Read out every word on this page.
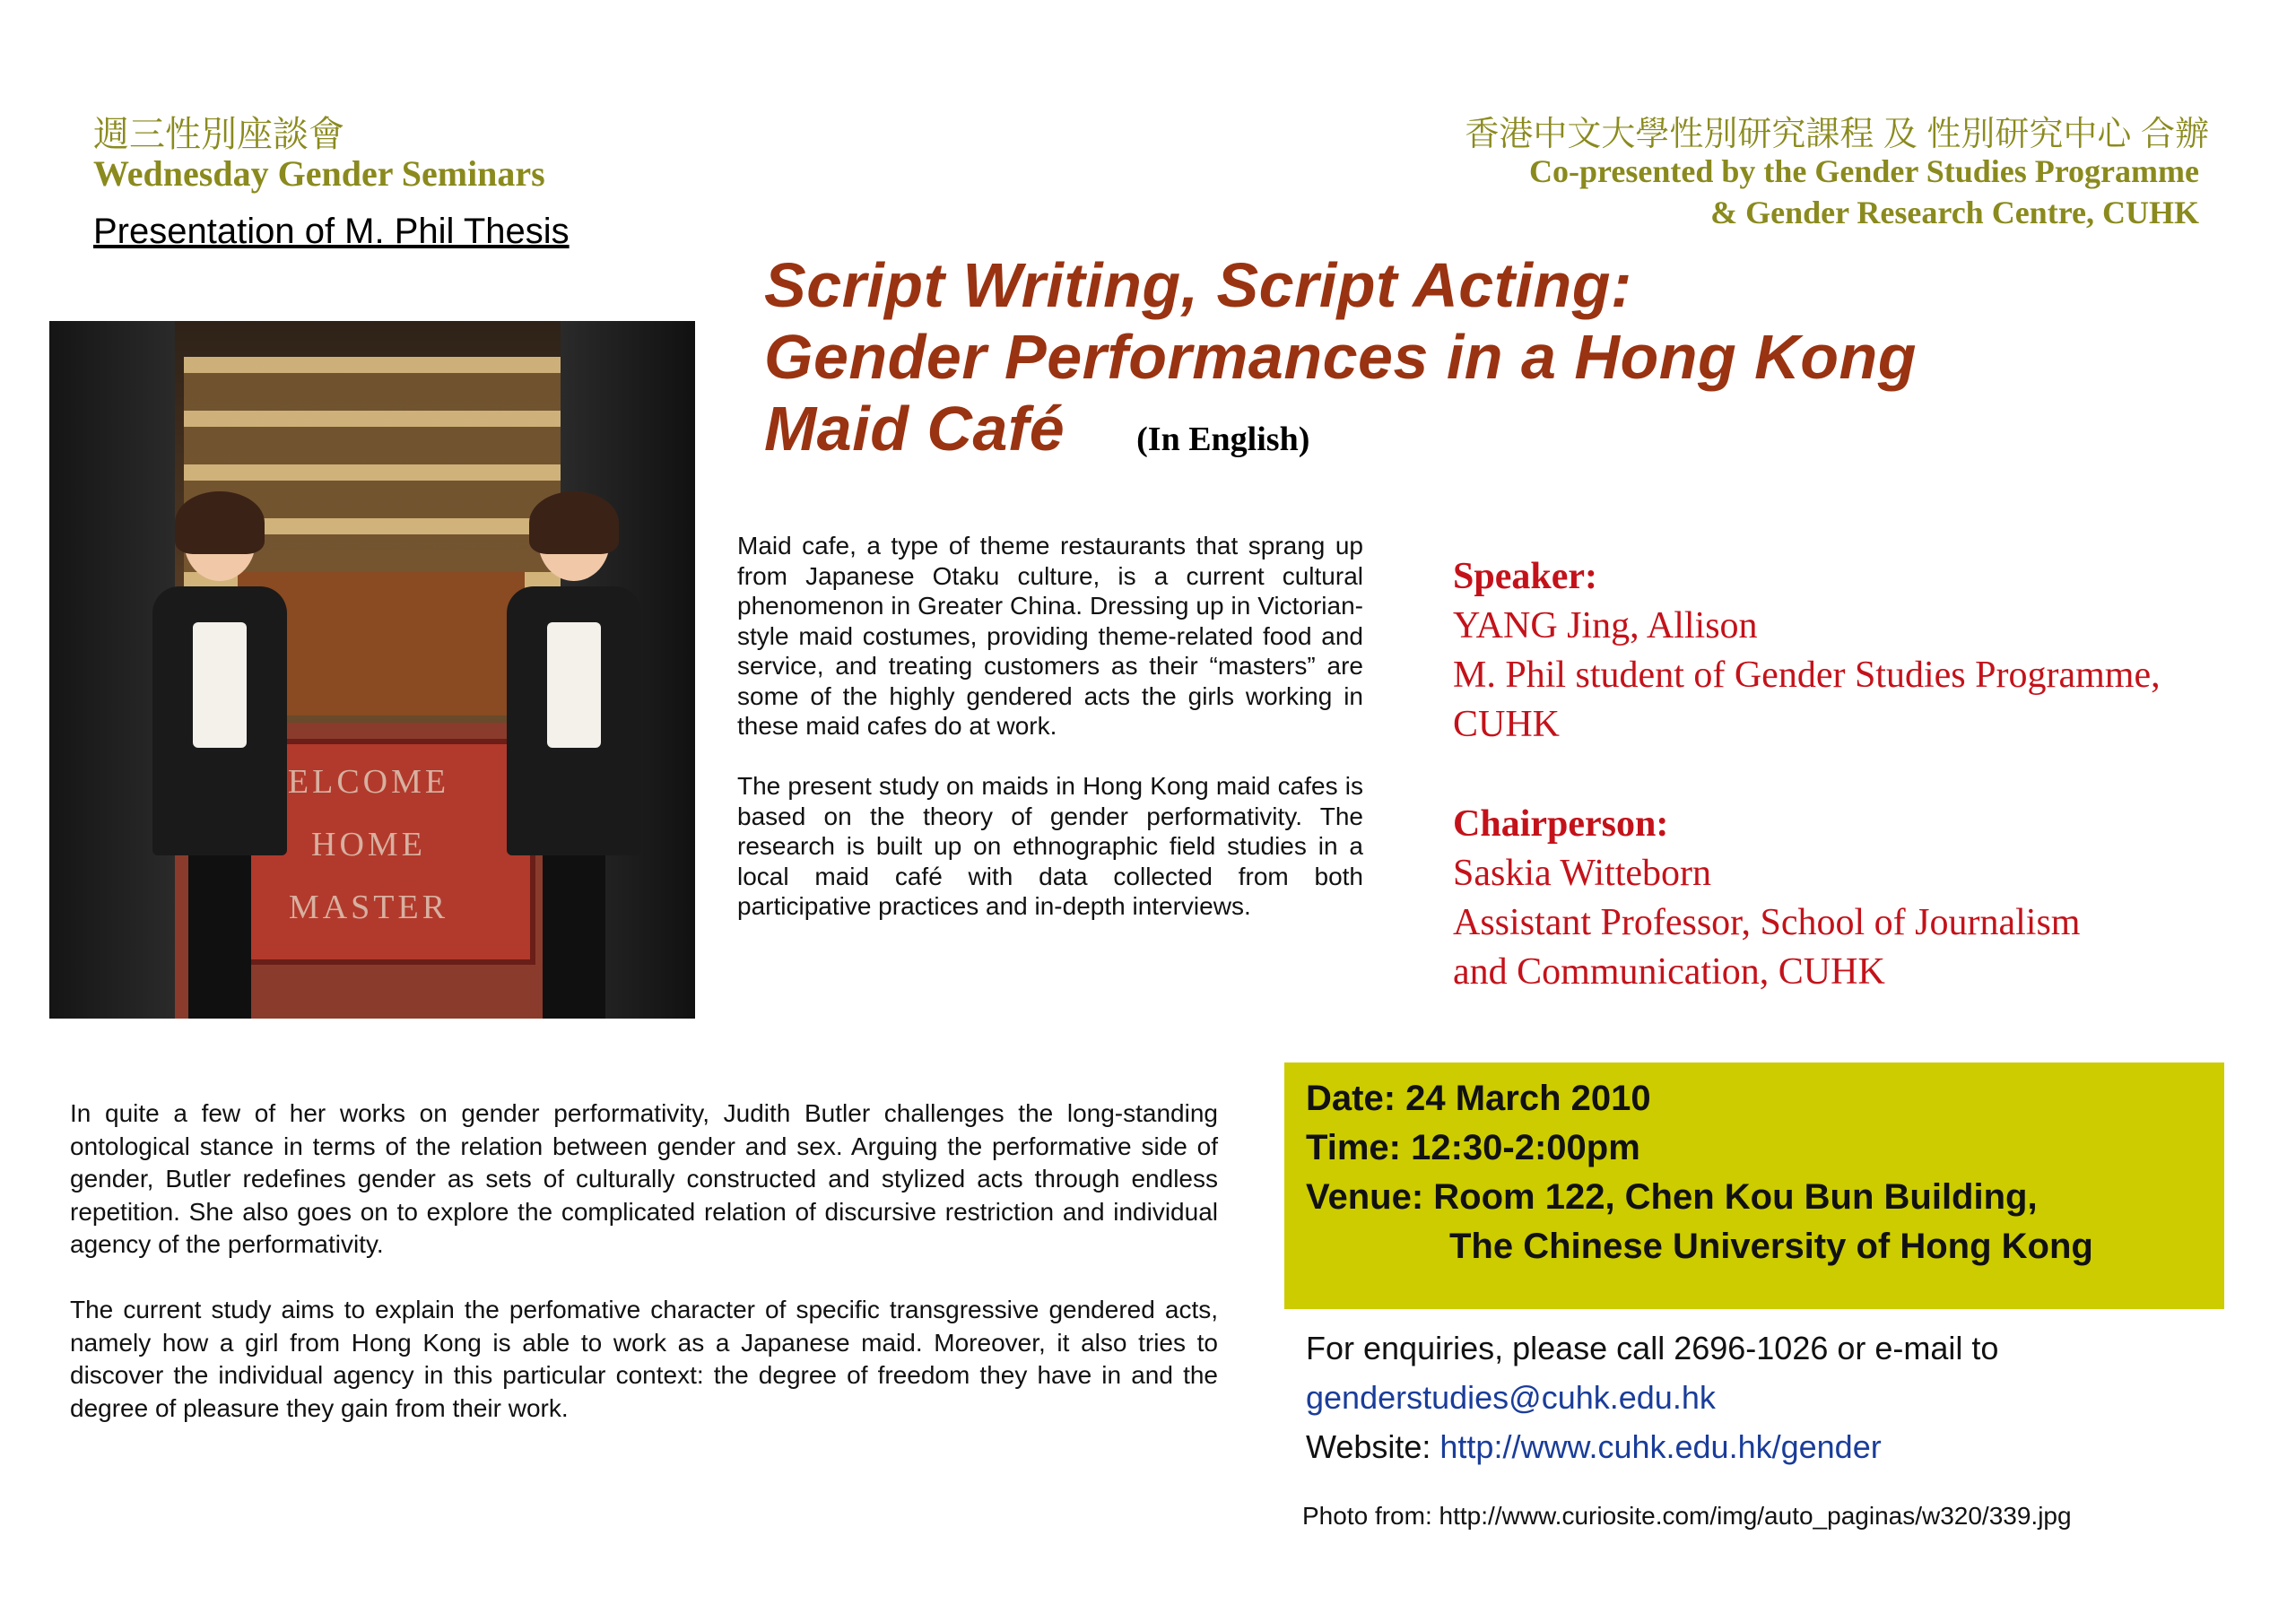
週三性別座談會
Wednesday Gender Seminars
Presentation of M. Phil Thesis
香港中文大學性別研究課程 及 性別研究中心 合辦
Co-presented by the Gender Studies Programme
& Gender Research Centre, CUHK
Script Writing, Script Acting:
Gender Performances in a Hong Kong
Maid Café (In English)
ELCOME
HOME
MASTER

Maid cafe, a type of theme restaurants that sprang up from Japanese Otaku culture, is a current cultural phenomenon in Greater China. Dressing up in Victorian-style maid costumes, providing theme-related food and service, and treating customers as their “masters” are some of the highly gendered acts the girls working in these maid cafes do at work.

The present study on maids in Hong Kong maid cafes is based on the theory of gender performativity. The research is built up on ethnographic field studies in a local maid café with data collected from both participative practices and in-depth interviews.

Speaker:
YANG Jing, Allison
M. Phil student of Gender Studies Programme,
CUHK
Chairperson:
Saskia Witteborn
Assistant Professor, School of Journalism
and Communication, CUHK

In quite a few of her works on gender performativity, Judith Butler challenges the long-standing ontological stance in terms of the relation between gender and sex. Arguing the performative side of gender, Butler redefines gender as sets of culturally constructed and stylized acts through endless repetition. She also goes on to explore the complicated relation of discursive restriction and individual agency of the performativity.

The current study aims to explain the perfomative character of specific transgressive gendered acts, namely how a girl from Hong Kong is able to work as a Japanese maid. Moreover, it also tries to discover the individual agency in this particular context: the degree of freedom they have in and the degree of pleasure they gain from their work.

Date: 24 March 2010
Time: 12:30-2:00pm
Venue: Room 122, Chen Kou Bun Building,
The Chinese University of Hong Kong
For enquiries, please call 2696-1026 or e-mail to
genderstudies@cuhk.edu.hk
Website: http://www.cuhk.edu.hk/gender
Photo from: http://www.curiosite.com/img/auto_paginas/w320/339.jpg
